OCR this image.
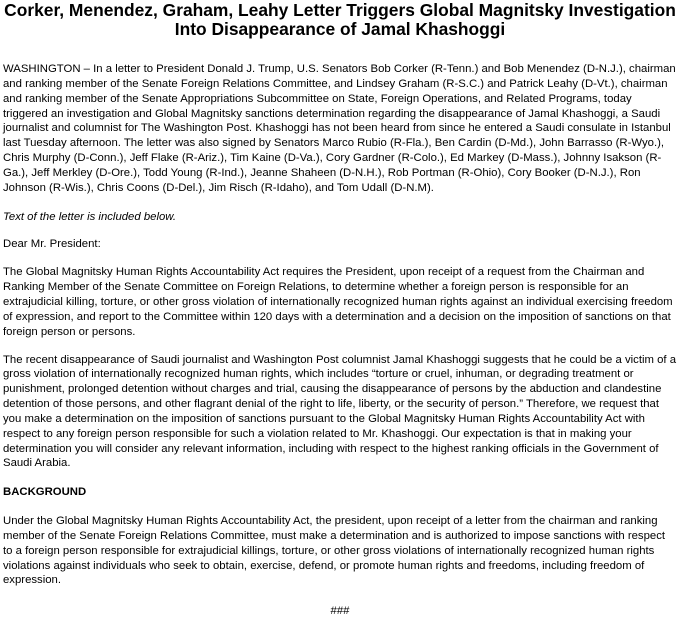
Corker, Menendez, Graham, Leahy Letter Triggers Global Magnitsky Investigation
Into Disappearance of Jamal Khashoggi

WASHINGTON – In a letter to President Donald J. Trump, U.S. Senators Bob Corker (R-Tenn.) and Bob Menendez (D-N.J.), chairman and ranking member of the Senate Foreign Relations Committee, and Lindsey Graham (R-S.C.) and Patrick Leahy (D-Vt.), chairman and ranking member of the Senate Appropriations Subcommittee on State, Foreign Operations, and Related Programs, today triggered an investigation and Global Magnitsky sanctions determination regarding the disappearance of Jamal Khashoggi, a Saudi journalist and columnist for The Washington Post. Khashoggi has not been heard from since he entered a Saudi consulate in Istanbul last Tuesday afternoon. The letter was also signed by Senators Marco Rubio (R-Fla.), Ben Cardin (D-Md.), John Barrasso (R-Wyo.), Chris Murphy (D-Conn.), Jeff Flake (R-Ariz.), Tim Kaine (D-Va.), Cory Gardner (R-Colo.), Ed Markey (D-Mass.), Johnny Isakson (R-Ga.), Jeff Merkley (D-Ore.), Todd Young (R-Ind.), Jeanne Shaheen (D-N.H.), Rob Portman (R-Ohio), Cory Booker (D-N.J.), Ron Johnson (R-Wis.), Chris Coons (D-Del.), Jim Risch (R-Idaho), and Tom Udall (D-N.M).

Text of the letter is included below.

Dear Mr. President:

The Global Magnitsky Human Rights Accountability Act requires the President, upon receipt of a request from the Chairman and Ranking Member of the Senate Committee on Foreign Relations, to determine whether a foreign person is responsible for an extrajudicial killing, torture, or other gross violation of internationally recognized human rights against an individual exercising freedom of expression, and report to the Committee within 120 days with a determination and a decision on the imposition of sanctions on that foreign person or persons.

The recent disappearance of Saudi journalist and Washington Post columnist Jamal Khashoggi suggests that he could be a victim of a gross violation of internationally recognized human rights, which includes “torture or cruel, inhuman, or degrading treatment or punishment, prolonged detention without charges and trial, causing the disappearance of persons by the abduction and clandestine detention of those persons, and other flagrant denial of the right to life, liberty, or the security of person.” Therefore, we request that you make a determination on the imposition of sanctions pursuant to the Global Magnitsky Human Rights Accountability Act with respect to any foreign person responsible for such a violation related to Mr. Khashoggi. Our expectation is that in making your determination you will consider any relevant information, including with respect to the highest ranking officials in the Government of Saudi Arabia.

BACKGROUND

Under the Global Magnitsky Human Rights Accountability Act, the president, upon receipt of a letter from the chairman and ranking member of the Senate Foreign Relations Committee, must make a determination and is authorized to impose sanctions with respect to a foreign person responsible for extrajudicial killings, torture, or other gross violations of internationally recognized human rights violations against individuals who seek to obtain, exercise, defend, or promote human rights and freedoms, including freedom of expression.

###
